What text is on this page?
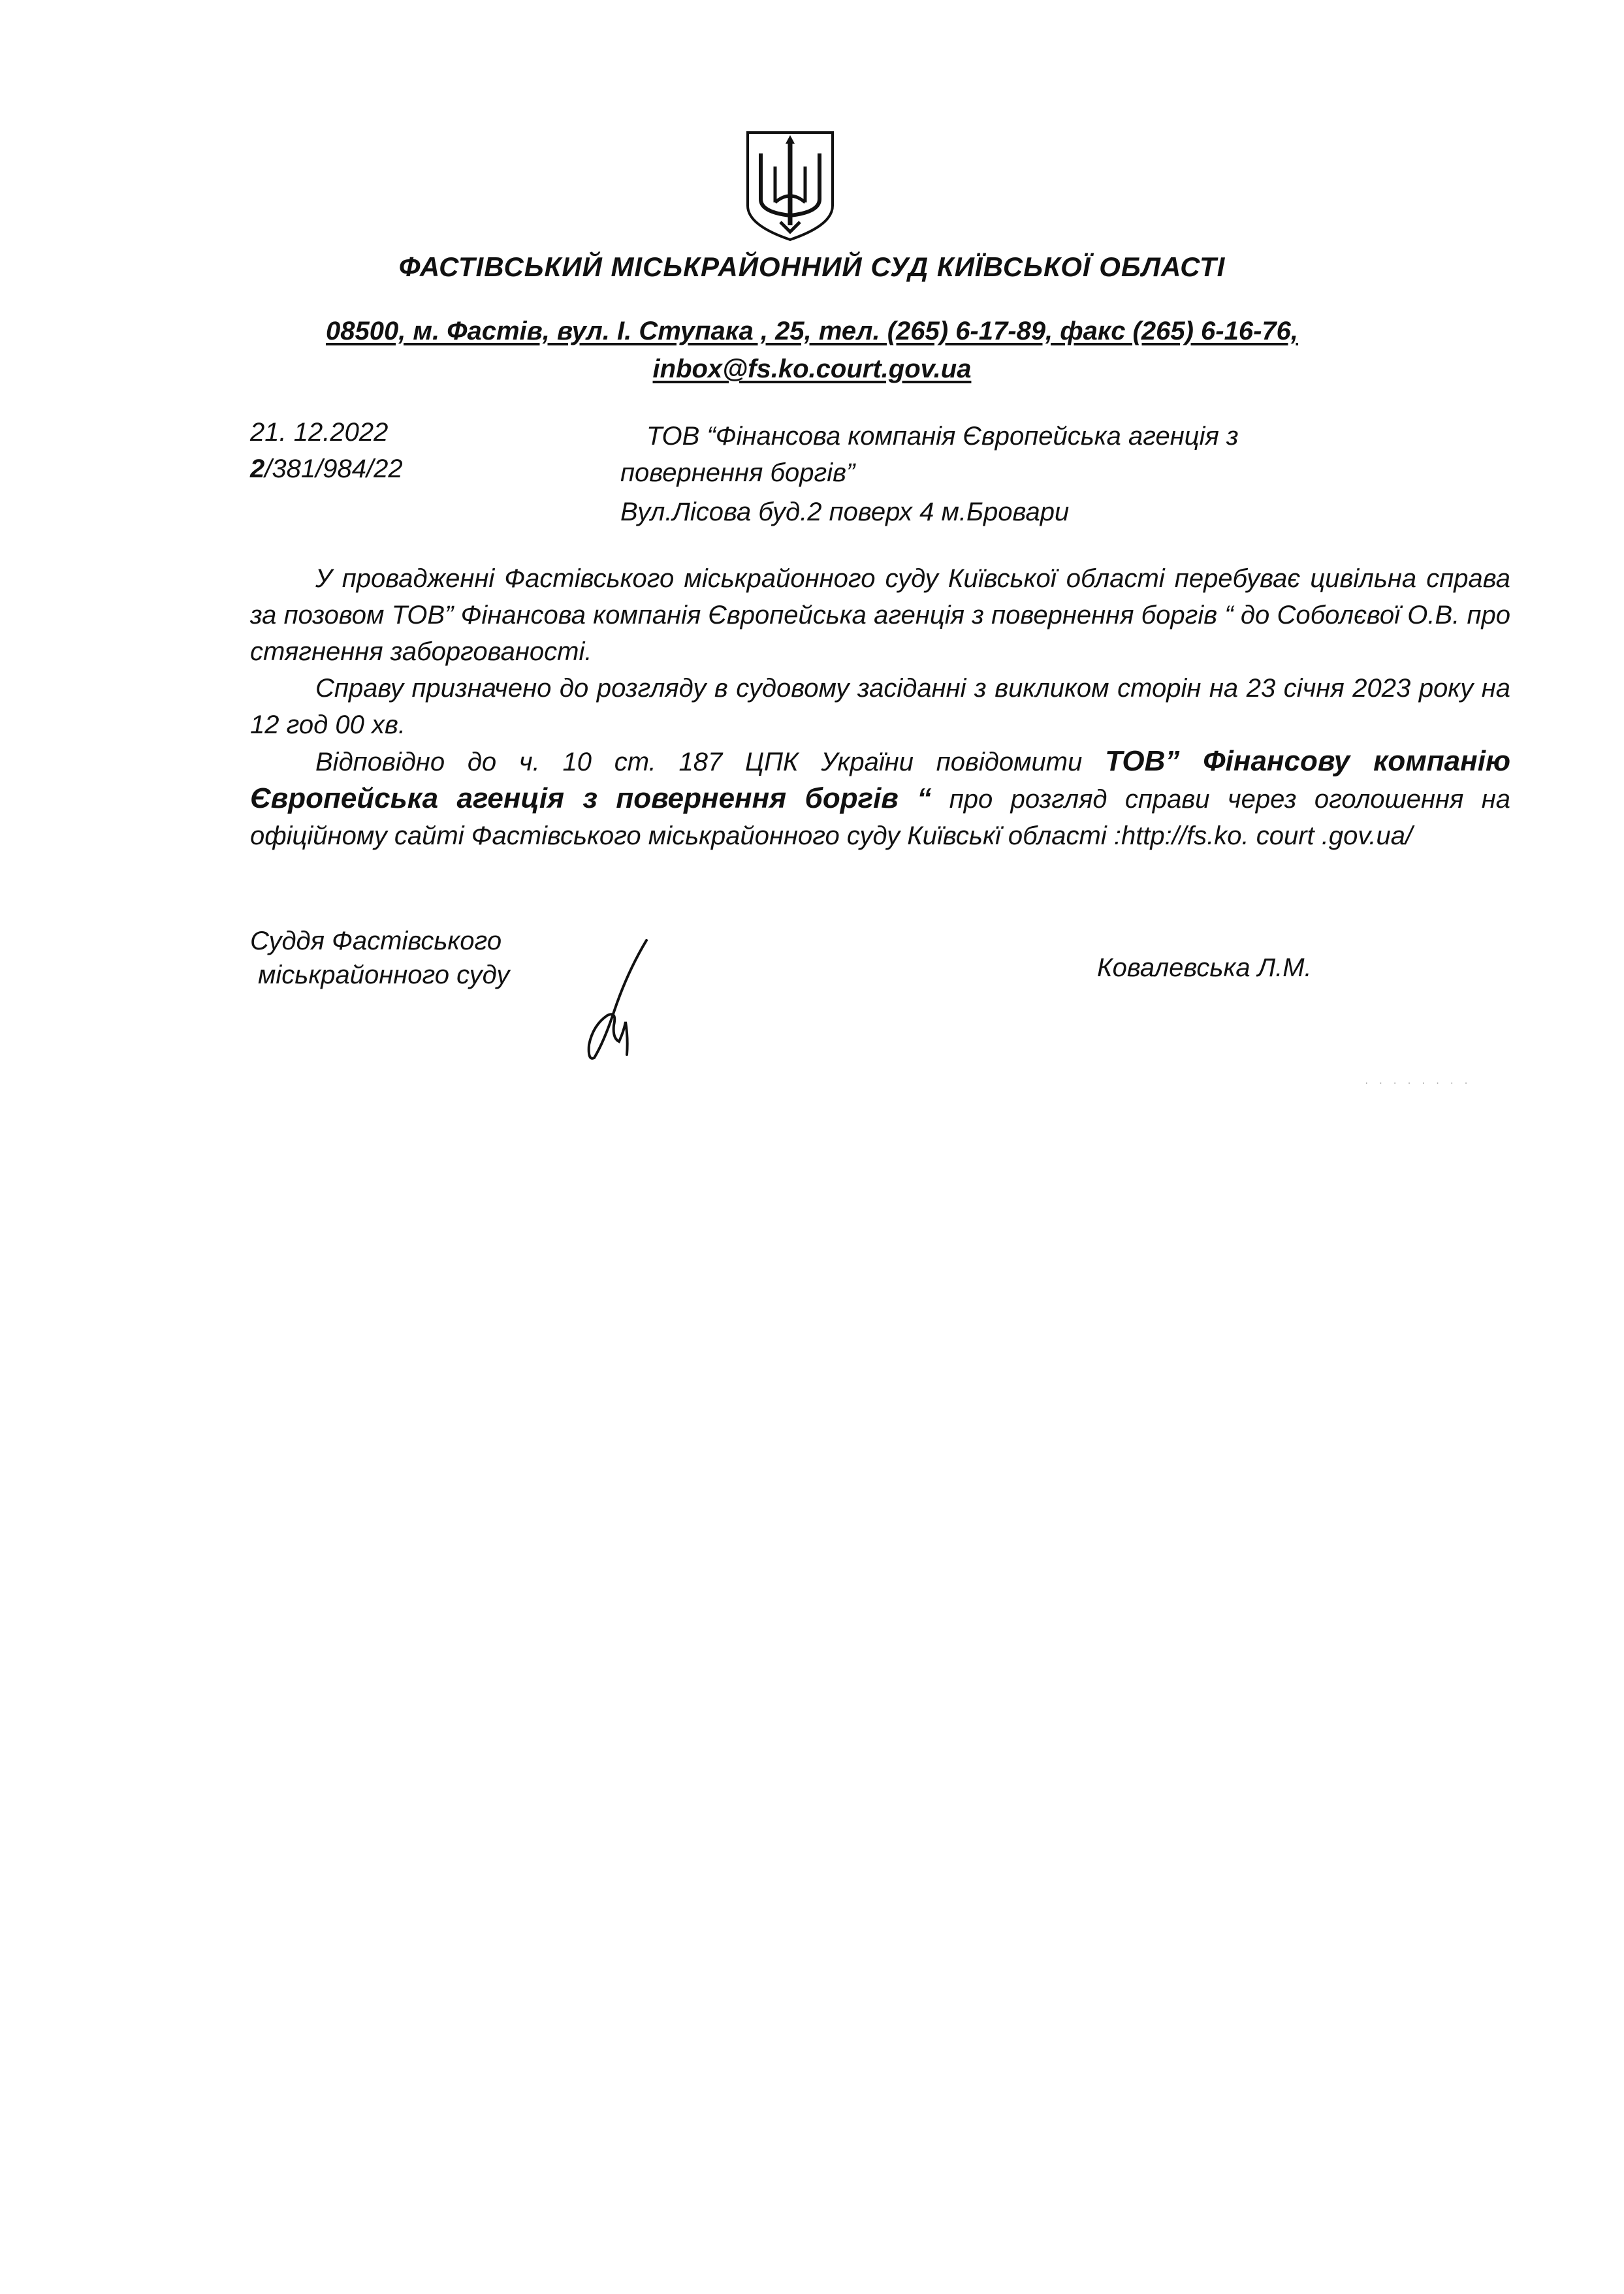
ФАСТІВСЬКИЙ МІСЬКРАЙОННИЙ СУД КИЇВСЬКОЇ ОБЛАСТІ
08500, м. Фастів, вул. І. Ступака , 25, тел. (265) 6-17-89, факс (265) 6-16-76,
inbox@fs.ko.court.gov.ua
21. 12.2022
2/381/984/22
ТОВ “Фінансова компанія Європейська агенція з
повернення боргів”
Вул.Лісова буд.2 поверх 4 м.Бровари

У провадженні Фастівського міськрайонного суду Київської області перебуває цивільна справа за позовом ТОВ” Фінансова компанія Європейська агенція з повернення боргів “ до Соболєвої О.В. про стягнення заборгованості.

Справу призначено до розгляду в судовому засіданні з викликом сторін на 23 січня 2023 року на 12 год 00 хв.

Відповідно до ч. 10 ст. 187 ЦПК України повідомити ТОВ” Фінансову компанію Європейська агенція з повернення боргів “ про розгляд справи через оголошення на офіційному сайті Фастівського міськрайонного суду Київськї області :http://fs.ko. court .gov.ua/

Суддя Фастівського
міськрайонного суду	Ковалевська Л.М.
· · · · · · · ·
